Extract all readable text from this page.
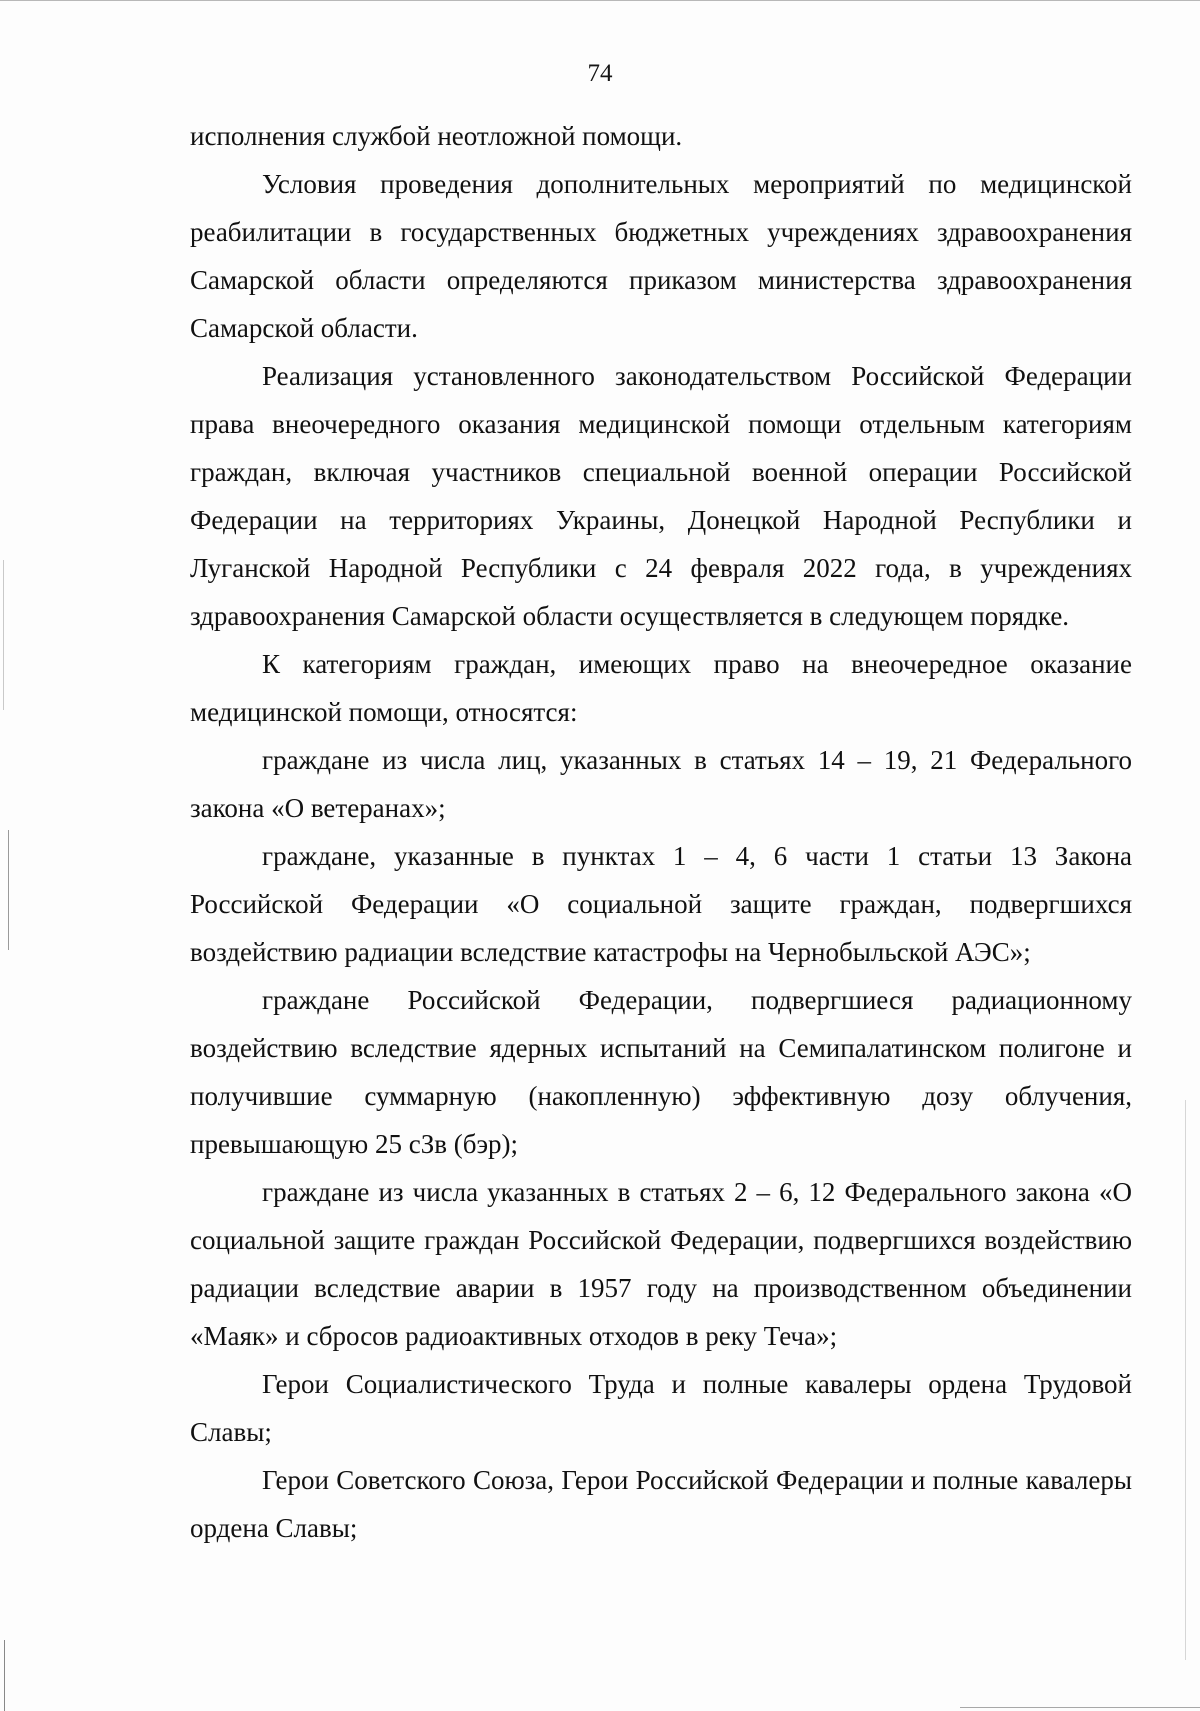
74

исполнения службой неотложной помощи.

Условия проведения дополнительных мероприятий по медицинской реабилитации в государственных бюджетных учреждениях здравоохранения Самарской области определяются приказом министерства здравоохранения Самарской области.

Реализация установленного законодательством Российской Федерации права внеочередного оказания медицинской помощи отдельным категориям граждан, включая участников специальной военной операции Российской Федерации на территориях Украины, Донецкой Народной Республики и Луганской Народной Республики с 24 февраля 2022 года, в учреждениях здравоохранения Самарской области осуществляется в следующем порядке.

К категориям граждан, имеющих право на внеочередное оказание медицинской помощи, относятся:

граждане из числа лиц, указанных в статьях 14 – 19, 21 Федерального закона «О ветеранах»;

граждане, указанные в пунктах 1 – 4, 6 части 1 статьи 13 Закона Российской Федерации «О социальной защите граждан, подвергшихся воздействию радиации вследствие катастрофы на Чернобыльской АЭС»;

граждане Российской Федерации, подвергшиеся радиационному воздействию вследствие ядерных испытаний на Семипалатинском полигоне и получившие суммарную (накопленную) эффективную дозу облучения, превышающую 25 сЗв (бэр);

граждане из числа указанных в статьях 2 – 6, 12 Федерального закона «О социальной защите граждан Российской Федерации, подвергшихся воздействию радиации вследствие аварии в 1957 году на производственном объединении «Маяк» и сбросов радиоактивных отходов в реку Теча»;

Герои Социалистического Труда и полные кавалеры ордена Трудовой Славы;

Герои Советского Союза, Герои Российской Федерации и полные кавалеры ордена Славы;
